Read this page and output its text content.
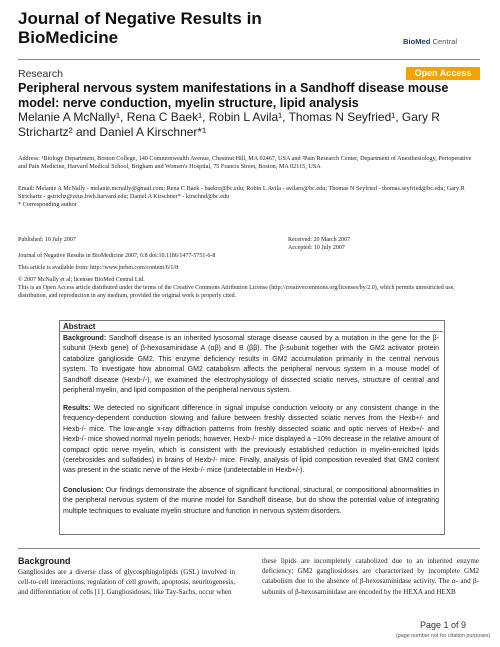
Journal of Negative Results in BioMedicine	BioMed Central
Research	Open Access
Peripheral nervous system manifestations in a Sandhoff disease mouse model: nerve conduction, myelin structure, lipid analysis
Melanie A McNally¹, Rena C Baek¹, Robin L Avila¹, Thomas N Seyfried¹, Gary R Strichartz² and Daniel A Kirschner*¹
Address: ¹Biology Department, Boston College, 140 Commonwealth Avenue, Chestnut Hill, MA 02467, USA and ²Pain Research Center, Department of Anesthesiology, Perioperative and Pain Medicine, Harvard Medical School, Brigham and Women's Hospital, 75 Francis Street, Boston, MA 02115, USA
Email: Melanie A McNally - melanie.mcnally@gmail.com; Rena C Baek - baekre@bc.edu; Robin L Avila - avilaro@bc.edu; Thomas N Seyfried - thomas.seyfried@bc.edu; Gary R Strichartz - gstrichz@zeus.bwh.harvard.edu; Daniel A Kirschner* - kirschnd@bc.edu
* Corresponding author
Published: 10 July 2007	Received: 20 March 2007
Accepted: 10 July 2007
Journal of Negative Results in BioMedicine 2007, 6:8 doi:10.1186/1477-5751-6-8
This article is available from: http://www.jnrbm.com/content/6/1/8
© 2007 McNally et al; licensee BioMed Central Ltd.
This is an Open Access article distributed under the terms of the Creative Commons Attribution License (http://creativecommons.org/licenses/by/2.0), which permits unrestricted use, distribution, and reproduction in any medium, provided the original work is properly cited.
Abstract
Background: Sandhoff disease is an inherited lysosomal storage disease caused by a mutation in the gene for the β-subunit (Hexb gene) of β-hexosaminidase A (αβ) and B (ββ). The β-subunit together with the GM2 activator protein catabolize ganglioside GM2. This enzyme deficiency results in GM2 accumulation primarily in the central nervous system. To investigate how abnormal GM2 catabolism affects the peripheral nervous system in a mouse model of Sandhoff disease (Hexb-/-), we examined the electrophysiology of dissected sciatic nerves, structure of central and peripheral myelin, and lipid composition of the peripheral nervous system.
Results: We detected no significant difference in signal impulse conduction velocity or any consistent change in the frequency-dependent conduction slowing and failure between freshly dissected sciatic nerves from the Hexb+/- and Hexb-/- mice. The low-angle x-ray diffraction patterns from freshly dissected sciatic and optic nerves of Hexb+/- and Hexb-/- mice showed normal myelin periods; however, Hexb-/- mice displayed a ~10% decrease in the relative amount of compact optic nerve myelin, which is consistent with the previously established reduction in myelin-enriched lipids (cerebrosides and sulfatides) in brains of Hexb-/- mice. Finally, analysis of lipid composition revealed that GM2 content was present in the sciatic nerve of the Hexb-/- mice (undetectable in Hexb+/-).
Conclusion: Our findings demonstrate the absence of significant functional, structural, or compositional abnormalities in the peripheral nervous system of the murine model for Sandhoff disease, but do show the potential value of integrating multiple techniques to evaluate myelin structure and function in nervous system disorders.
Background
Gangliosides are a diverse class of glycosphingolipids (GSL) involved in cell-to-cell interactions, regulation of cell growth, apoptosis, neuritogenesis, and differentiation of cells [1]. Gangliosidoses, like Tay-Sachs, occur when
these lipids are incompletely catabolized due to an inherited enzyme deficiency; GM2 gangliosidoses are characterized by incomplete GM2 catabolism due to the absence of β-hexosaminidase activity. The α- and β-subunits of β-hexosaminidase are encoded by the HEXA and HEXB
Page 1 of 9
(page number not for citation purposes)
